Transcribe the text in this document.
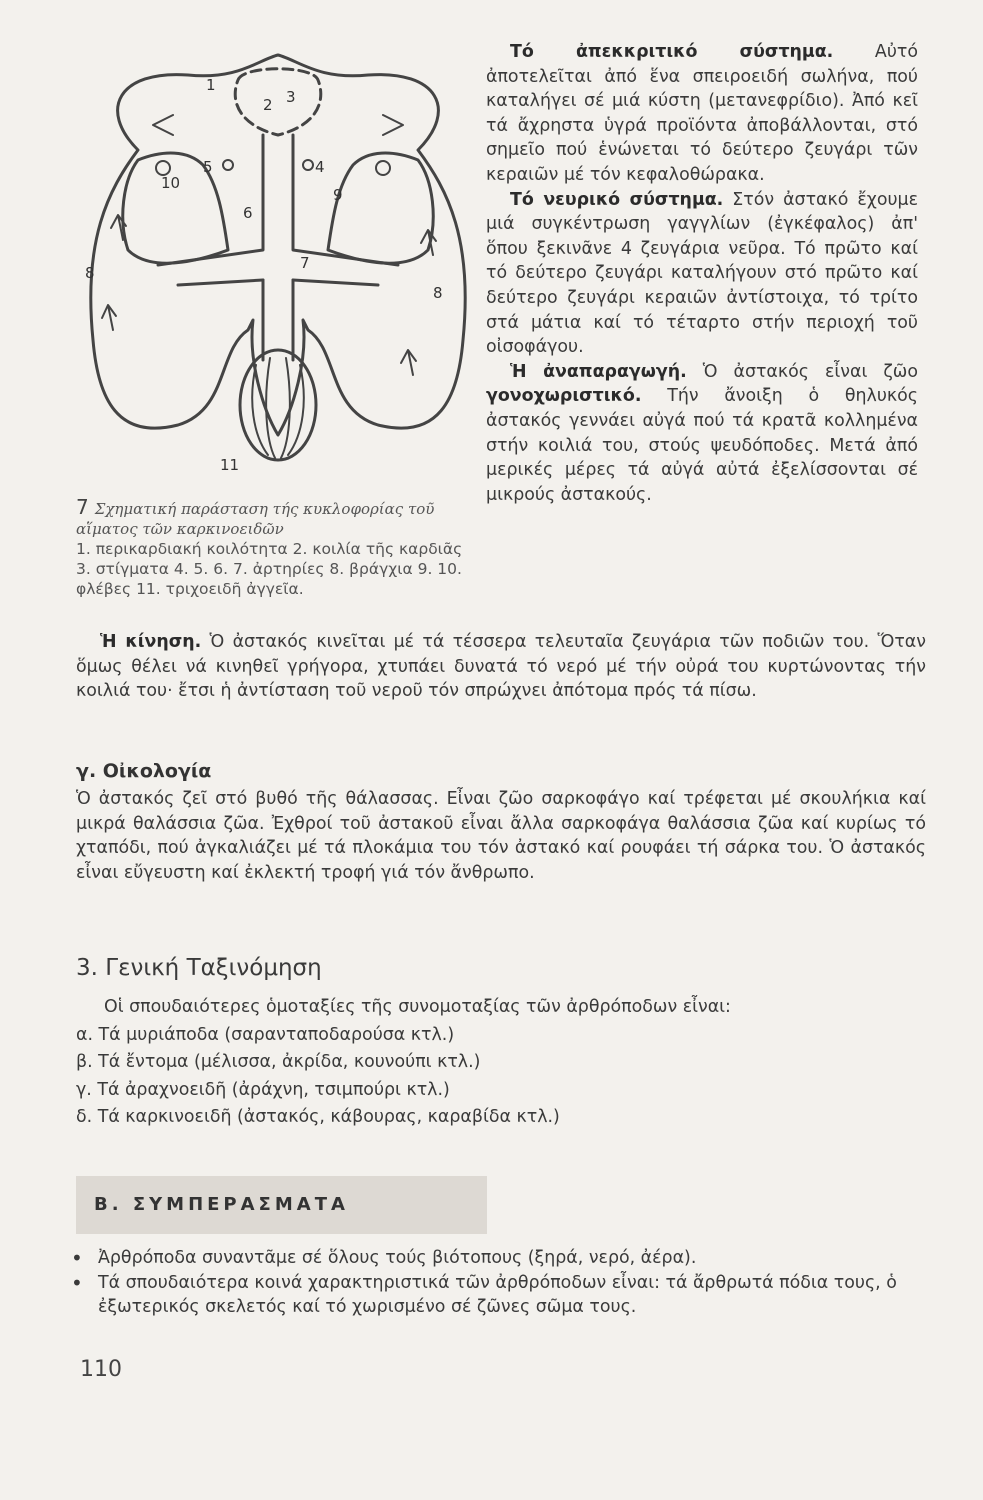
1
2 3
4
5
6
7
8
8
9
10
11
7 Σχηματική παράσταση τής κυκλοφορίας τοῦ αἵματος τῶν καρκινοειδῶν
1. περικαρδιακή κοιλότητα 2. κοιλία τῆς καρδιᾶς 3. στίγματα 4. 5. 6. 7. ἀρτηρίες 8. βράγχια 9. 10. φλέβες 11. τριχοειδῆ ἀγγεῖα.

Τό ἀπεκκριτικό σύστημα. Αὐτό ἀποτελεῖται ἀπό ἕνα σπειροειδή σωλήνα, πού καταλήγει σέ μιά κύστη (μετανεφρίδιο). Ἀπό κεῖ τά ἄχρηστα ὑγρά προϊόντα ἀποβάλλονται, στό σημεῖο πού ἑνώνεται τό δεύτερο ζευγάρι τῶν κεραιῶν μέ τόν κεφαλοθώρακα.

Τό νευρικό σύστημα. Στόν ἀστακό ἔχουμε μιά συγκέντρωση γαγγλίων (ἐγκέφαλος) ἀπ' ὅπου ξεκινᾶνε 4 ζευγάρια νεῦρα. Τό πρῶτο καί τό δεύτερο ζευγάρι καταλήγουν στό πρῶτο καί δεύτερο ζευγάρι κεραιῶν ἀντίστοιχα, τό τρίτο στά μάτια καί τό τέταρτο στήν περιοχή τοῦ οἰσοφάγου.

Ἡ ἀναπαραγωγή. Ὁ ἀστακός εἶναι ζῶο γονοχωριστικό. Τήν ἄνοιξη ὁ θηλυκός ἀστακός γεννάει αὐγά πού τά κρατᾶ κολλημένα στήν κοιλιά του, στούς ψευδόποδες. Μετά ἀπό μερικές μέρες τά αὐγά αὐτά ἐξελίσσονται σέ μικρούς ἀστακούς.

Ἡ κίνηση. Ὁ ἀστακός κινεῖται μέ τά τέσσερα τελευταῖα ζευγάρια τῶν ποδιῶν του. Ὅταν ὅμως θέλει νά κινηθεῖ γρήγορα, χτυπάει δυνατά τό νερό μέ τήν οὐρά του κυρτώνοντας τήν κοιλιά του· ἔτσι ἡ ἀντίσταση τοῦ νεροῦ τόν σπρώχνει ἀπότομα πρός τά πίσω.

γ. Οἰκολογία

Ὁ ἀστακός ζεῖ στό βυθό τῆς θάλασσας. Εἶναι ζῶο σαρκοφάγο καί τρέφεται μέ σκουλήκια καί μικρά θαλάσσια ζῶα. Ἐχθροί τοῦ ἀστακοῦ εἶναι ἄλλα σαρκοφάγα θαλάσσια ζῶα καί κυρίως τό χταπόδι, πού ἀγκαλιάζει μέ τά πλοκάμια του τόν ἀστακό καί ρουφάει τή σάρκα του. Ὁ ἀστακός εἶναι εὔγευστη καί ἐκλεκτή τροφή γιά τόν ἄνθρωπο.

3. Γενική Ταξινόμηση
Οἱ σπουδαιότερες ὁμοταξίες τῆς συνομοταξίας τῶν ἀρθρόποδων εἶναι:
α. Τά μυριάποδα (σαρανταποδαρούσα κτλ.)
β. Τά ἔντομα (μέλισσα, ἀκρίδα, κουνούπι κτλ.)
γ. Τά ἀραχνοειδῆ (ἀράχνη, τσιμπούρι κτλ.)
δ. Τά καρκινοειδῆ (ἀστακός, κάβουρας, καραβίδα κτλ.)
Β. ΣΥΜΠΕΡΑΣΜΑΤΑ
• Ἀρθρόποδα συναντᾶμε σέ ὅλους τούς βιότοπους (ξηρά, νερό, ἀέρα).
• Τά σπουδαιότερα κοινά χαρακτηριστικά τῶν ἀρθρόποδων εἶναι: τά ἄρθρωτά πόδια τους, ὁ ἐξωτερικός σκελετός καί τό χωρισμένο σέ ζῶνες σῶμα τους.
110
